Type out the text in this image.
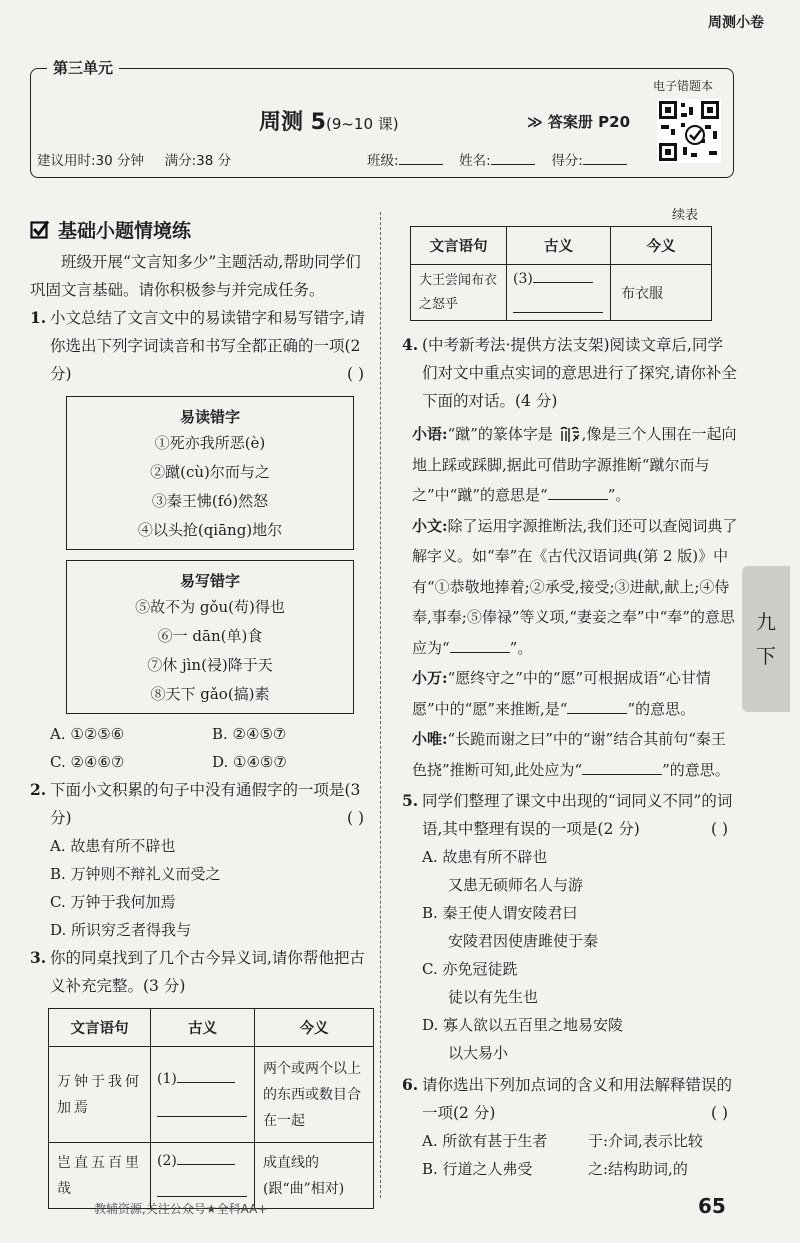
周测小卷
第三单元
周测 5(9~10 课)	≫ 答案册 P20
建议用时:30 分钟 满分:38 分	班级:	姓名:	得分:
电子错题本
基础小题情境练

班级开展“文言知多少”主题活动,帮助同学们巩固文言基础。请你积极参与并完成任务。

1. 小文总结了文言文中的易读错字和易写错字,请你选出下列字词读音和书写全都正确的一项(2 分)	( )
易读错字
①死亦我所恶(è)
②蹴(cù)尔而与之
③秦王怫(fó)然怒
④以头抢(qiāng)地尔
易写错字
⑤故不为 gǒu(苟)得也
⑥一 dān(单)食
⑦休 jìn(祲)降于天
⑧天下 gǎo(搞)素
A. ①②⑤⑥	B. ②④⑤⑦
C. ②④⑥⑦	D. ①④⑤⑦
2. 下面小文积累的句子中没有通假字的一项是(3 分)	( )
A. 故患有所不辟也
B. 万钟则不辩礼义而受之
C. 万钟于我何加焉
D. 所识穷乏者得我与
3. 你的同桌找到了几个古今异义词,请你帮他把古义补充完整。(3 分)
文言语句	古义	今义
万钟于我何加焉	(1)	两个或两个以上的东西或数目合在一起
岂直五百里哉	(2)	成直线的(跟“曲”相对)
续表
文言语句	古义	今义
大王尝闻布衣之怒乎	(3)	布衣服
4. (中考新考法·提供方法支架)阅读文章后,同学们对文中重点实词的意思进行了探究,请你补全下面的对话。(4 分)
小语:“蹴”的篆体字是 ,像是三个人围在一起向地上踩或踩脚,据此可借助字源推断“蹴尔而与之”中“蹴”的意思是“	”。
小文:除了运用字源推断法,我们还可以查阅词典了解字义。如“奉”在《古代汉语词典(第 2 版)》中有“①恭敬地捧着;②承受,接受;③进献,献上;④侍奉,事奉;⑤俸禄”等义项,“妻妾之奉”中“奉”的意思应为“	”。
小万:“愿终守之”中的“愿”可根据成语“心甘情愿”中的“愿”来推断,是“	”的意思。
小唯:“长跪而谢之曰”中的“谢”结合其前句“秦王色挠”推断可知,此处应为“	”的意思。
5. 同学们整理了课文中出现的“词同义不同”的词语,其中整理有误的一项是(2 分)	( )
A. 故患有所不辟也
又患无硕师名人与游
B. 秦王使人谓安陵君曰
安陵君因使唐雎使于秦
C. 亦免冠徒跣
徒以有先生也
D. 寡人欲以五百里之地易安陵
以大易小
6. 请你选出下列加点词的含义和用法解释错误的一项(2 分)	( )
A. 所欲有甚于生者	于:介词,表示比较
B. 行道之人弗受	之:结构助词,的
九
下
教辅资源,关注公众号★全科AA+	65
